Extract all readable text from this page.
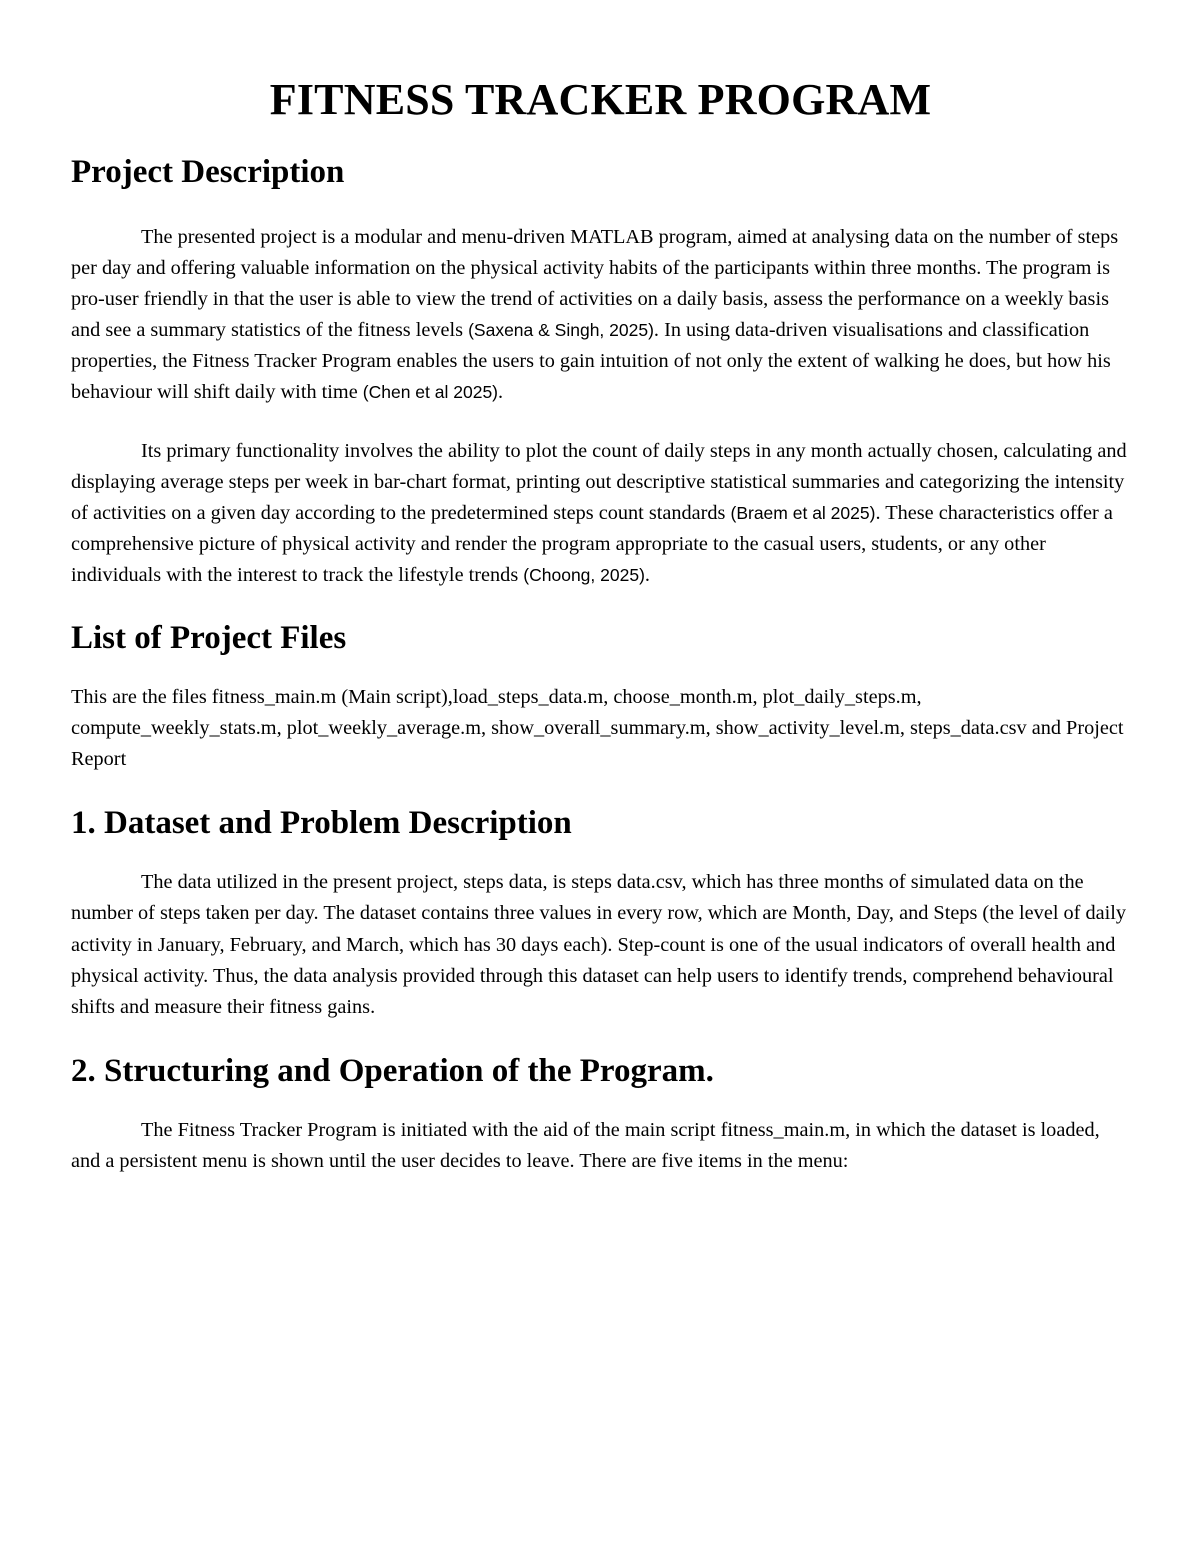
FITNESS TRACKER PROGRAM
Project Description

The presented project is a modular and menu-driven MATLAB program, aimed at analysing data on the number of steps per day and offering valuable information on the physical activity habits of the participants within three months. The program is pro-user friendly in that the user is able to view the trend of activities on a daily basis, assess the performance on a weekly basis and see a summary statistics of the fitness levels (Saxena & Singh, 2025). In using data-driven visualisations and classification properties, the Fitness Tracker Program enables the users to gain intuition of not only the extent of walking he does, but how his behaviour will shift daily with time (Chen et al 2025).

Its primary functionality involves the ability to plot the count of daily steps in any month actually chosen, calculating and displaying average steps per week in bar-chart format, printing out descriptive statistical summaries and categorizing the intensity of activities on a given day according to the predetermined steps count standards (Braem et al 2025). These characteristics offer a comprehensive picture of physical activity and render the program appropriate to the casual users, students, or any other individuals with the interest to track the lifestyle trends (Choong, 2025).

List of Project Files

This are the files fitness_main.m (Main script),load_steps_data.m, choose_month.m, plot_daily_steps.m, compute_weekly_stats.m, plot_weekly_average.m, show_overall_summary.m, show_activity_level.m, steps_data.csv and Project Report

1. Dataset and Problem Description

The data utilized in the present project, steps data, is steps data.csv, which has three months of simulated data on the number of steps taken per day. The dataset contains three values in every row, which are Month, Day, and Steps (the level of daily activity in January, February, and March, which has 30 days each). Step-count is one of the usual indicators of overall health and physical activity. Thus, the data analysis provided through this dataset can help users to identify trends, comprehend behavioural shifts and measure their fitness gains.

2. Structuring and Operation of the Program.

The Fitness Tracker Program is initiated with the aid of the main script fitness_main.m, in which the dataset is loaded, and a persistent menu is shown until the user decides to leave. There are five items in the menu:
